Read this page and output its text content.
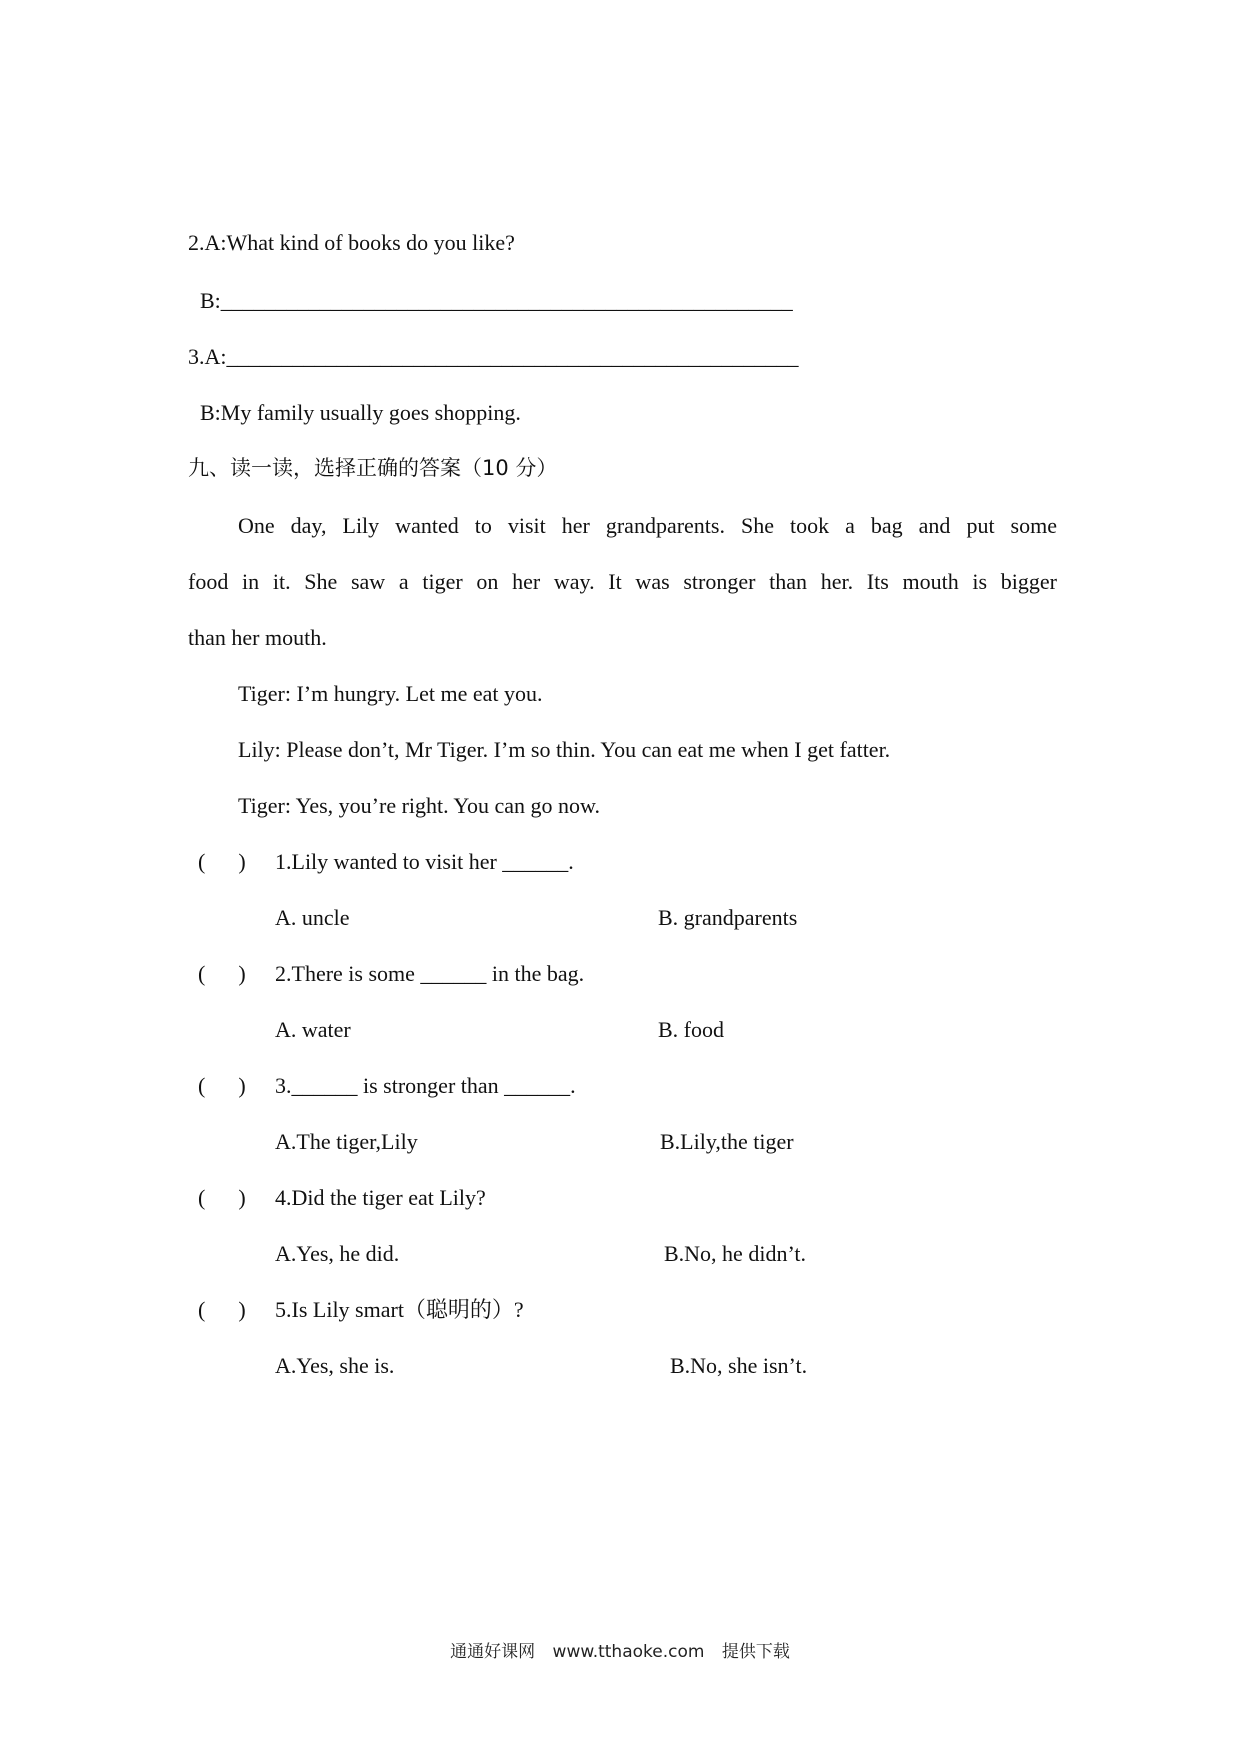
2.A:What kind of books do you like?
B:____________________________________________________
3.A:____________________________________________________
B:My family usually goes shopping.
九、读一读，选择正确的答案（10 分）
One day, Lily wanted to visit her grandparents. She took a bag and put some
food in it. She saw a tiger on her way. It was stronger than her. Its mouth is bigger
than her mouth.
Tiger: I’m hungry. Let me eat you.
Lily: Please don’t, Mr Tiger. I’m so thin. You can eat me when I get fatter.
Tiger: Yes, you’re right. You can go now.
(      ) 1.Lily wanted to visit her ______.
A. uncle	B. grandparents
(      ) 2.There is some ______ in the bag.
A. water	B. food
(      ) 3.______ is stronger than ______.
A.The tiger,Lily	B.Lily,the tiger
(      ) 4.Did the tiger eat Lily?
A.Yes, he did.	B.No, he didn’t.
(      ) 5.Is Lily smart（聪明的）?
A.Yes, she is.	B.No, she isn’t.
通通好课网 www.tthaoke.com 提供下载
